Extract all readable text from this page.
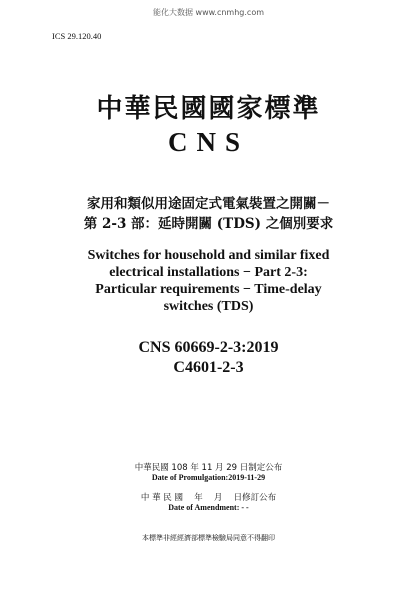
能化大数据 www.cnmhg.com
ICS 29.120.40
中華民國國家標準
CNS
家用和類似用途固定式電氣裝置之開關－
第 2-3 部：延時開關 (TDS) 之個別要求
Switches for household and similar fixed
electrical installations − Part 2-3:
Particular requirements − Time-delay
switches (TDS)
CNS 60669-2-3:2019
C4601-2-3
中華民國 108 年 11 月 29 日制定公布
Date of Promulgation:2019-11-29
中 華 民 國　 年　 月　 日修訂公布
Date of Amendment: - -
本標準非經經濟部標準檢驗局同意不得翻印
